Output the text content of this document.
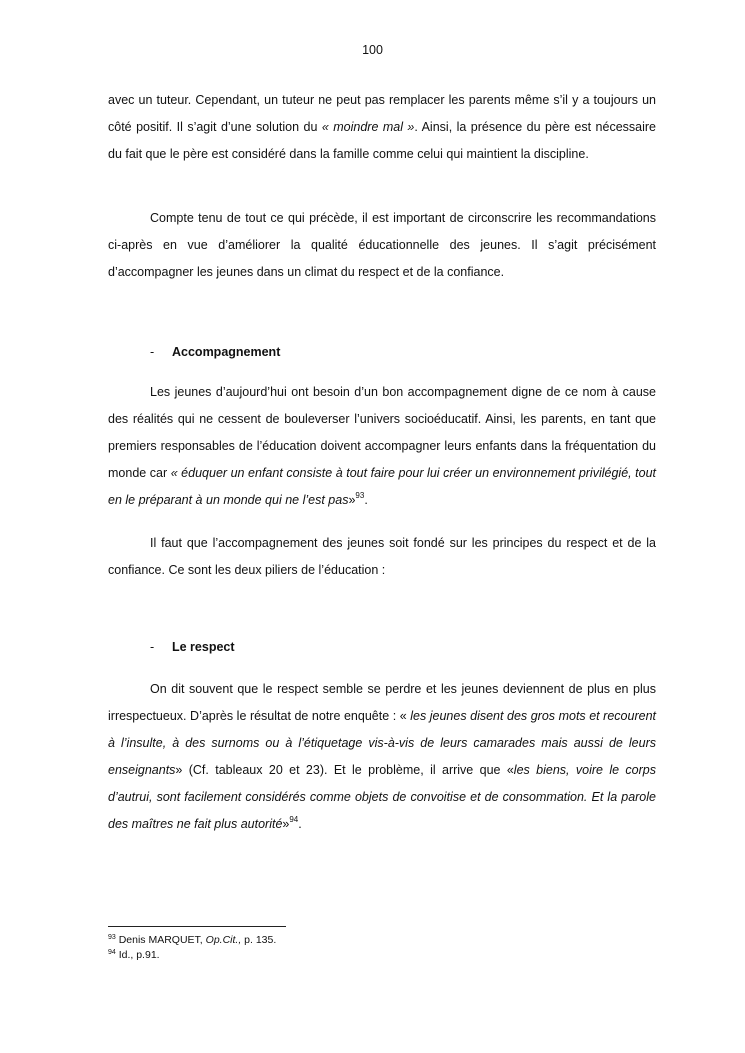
100

avec un tuteur. Cependant, un tuteur ne peut pas remplacer les parents même s’il y a toujours un côté positif. Il s’agit d’une solution du « moindre mal ». Ainsi, la présence du père est nécessaire du fait que le père est considéré dans la famille comme celui qui maintient la discipline.

Compte tenu de tout ce qui précède, il est important de circonscrire les recommandations ci-après en vue d’améliorer la qualité éducationnelle des jeunes. Il s’agit précisément d’accompagner les jeunes dans un climat du respect et de la confiance.

- Accompagnement

Les jeunes d’aujourd’hui ont besoin d’un bon accompagnement digne de ce nom à cause des réalités qui ne cessent de bouleverser l’univers socioéducatif. Ainsi, les parents, en tant que premiers responsables de l’éducation doivent accompagner leurs enfants dans la fréquentation du monde car « éduquer un enfant consiste à tout faire pour lui créer un environnement privilégié, tout en le préparant à un monde qui ne l’est pas»$^{93}$.

Il faut que l’accompagnement des jeunes soit fondé sur les principes du respect et de la confiance. Ce sont les deux piliers de l’éducation :

- Le respect

On dit souvent que le respect semble se perdre et les jeunes deviennent de plus en plus irrespectueux. D’après le résultat de notre enquête : « les jeunes disent des gros mots et recourent à l’insulte, à des surnoms ou à l’étiquetage vis-à-vis de leurs camarades mais aussi de leurs enseignants» (Cf. tableaux 20 et 23). Et le problème, il arrive que «les biens, voire le corps d’autrui, sont facilement considérés comme objets de convoitise et de consommation. Et la parole des maîtres ne fait plus autorité»$^{94}$.

$^{93}$ Denis MARQUET, Op.Cit., p. 135.
$^{94}$ Id., p.91.
